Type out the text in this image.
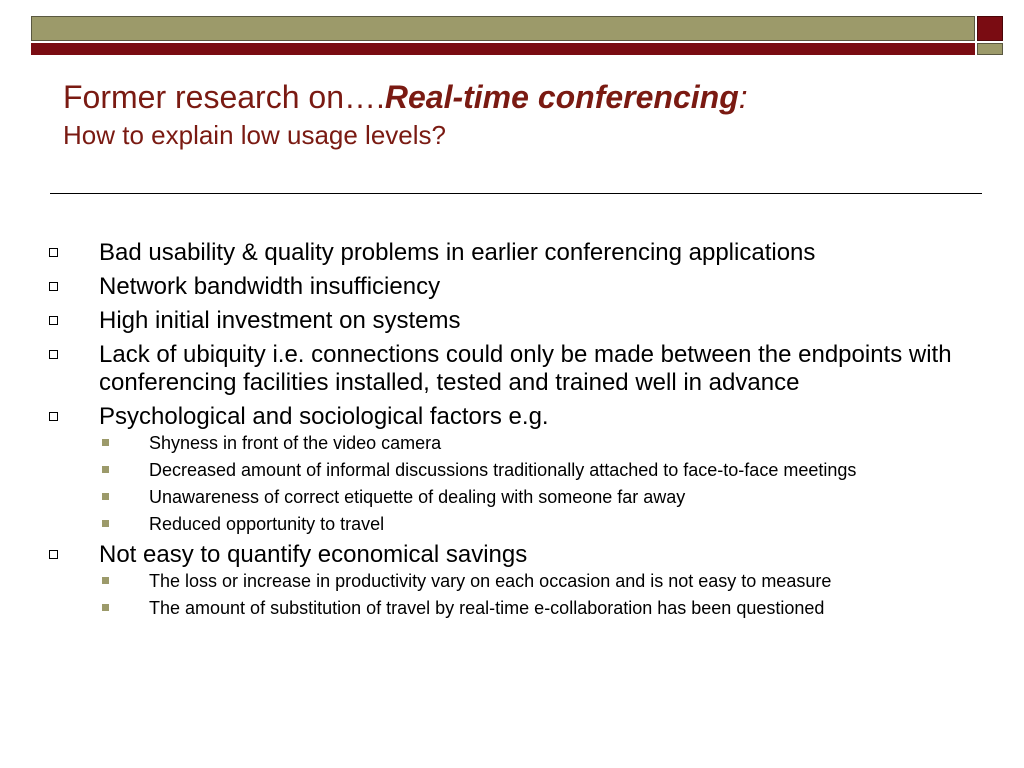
Former research on….Real-time conferencing:
How to explain low usage levels?
Bad usability & quality problems in earlier conferencing applications
Network bandwidth insufficiency
High initial investment on systems
Lack of ubiquity i.e. connections could only be made between the endpoints with conferencing facilities installed, tested and trained well in advance
Psychological and sociological factors e.g.
Shyness in front of the video camera
Decreased amount of informal discussions traditionally attached to face-to-face meetings
Unawareness of correct etiquette of dealing with someone far away
Reduced opportunity to travel
Not easy to quantify economical savings
The loss or increase in productivity vary on each occasion and is not easy to measure
The amount of substitution of travel by real-time e-collaboration has been questioned
